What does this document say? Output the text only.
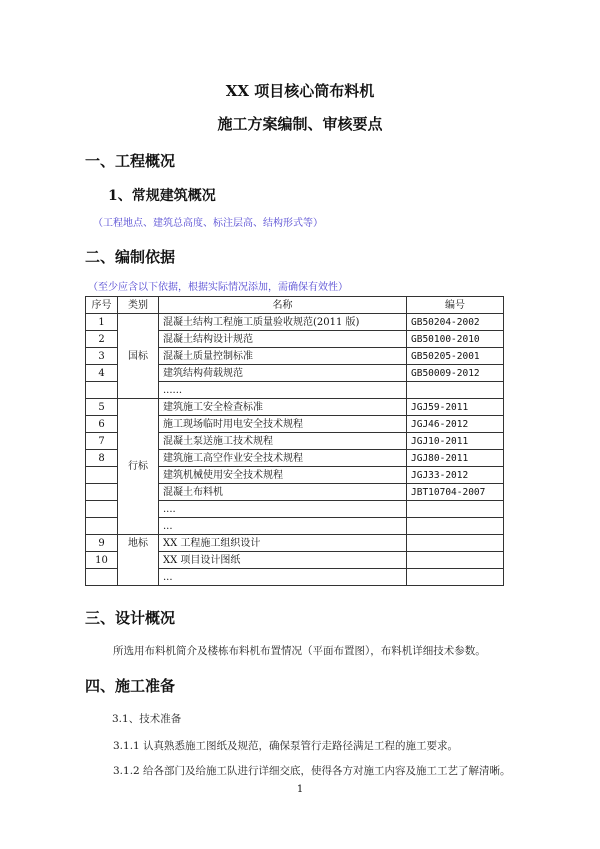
XX 项目核心筒布料机
施工方案编制、审核要点
一、工程概况
1、常规建筑概况
（工程地点、建筑总高度、标注层高、结构形式等）
二、编制依据
（至少应含以下依据，根据实际情况添加，需确保有效性）
序号	类别	名称	编号
1	国标	混凝土结构工程施工质量验收规范(2011 版)	GB50204-2002
2		混凝土结构设计规范	GB50100-2010
3		混凝土质量控制标准	GB50205-2001
4		建筑结构荷载规范	GB50009-2012
		......	
5	行标	建筑施工安全检查标准	JGJ59-2011
6		施工现场临时用电安全技术规程	JGJ46-2012
7		混凝土泵送施工技术规程	JGJ10-2011
8		建筑施工高空作业安全技术规程	JGJ80-2011
		建筑机械使用安全技术规程	JGJ33-2012
		混凝土布料机	JBT10704-2007
		....	
		...	
9	地标	XX 工程施工组织设计	
10		XX 项目设计图纸	
		...	
三、设计概况
所选用布料机简介及楼栋布料机布置情况（平面布置图），布料机详细技术参数。
四、施工准备
3.1、技术准备
3.1.1 认真熟悉施工图纸及规范，确保泵管行走路径满足工程的施工要求。
3.1.2 给各部门及给施工队进行详细交底，使得各方对施工内容及施工工艺了解清晰。
1
